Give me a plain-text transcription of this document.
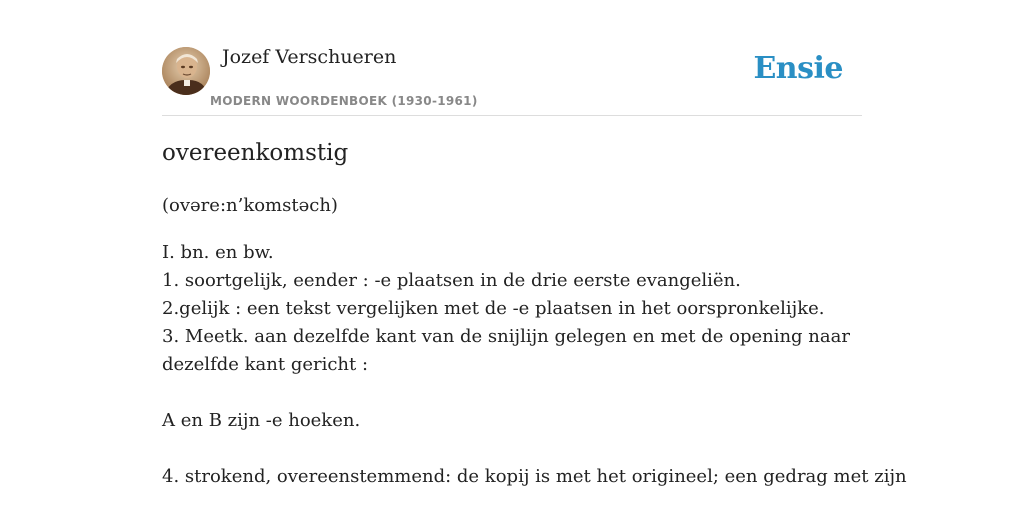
Jozef Verschueren
MODERN WOORDENBOEK (1930-1961)
Ensie
overeenkomstig

(ovəre:n’komstəch)

I. bn. en bw.
1. soortgelijk, eender : -e plaatsen in de drie eerste evangeliën.
2.gelijk : een tekst vergelijken met de -e plaatsen in het oorspronkelijke.
3. Meetk. aan dezelfde kant van de snijlijn gelegen en met de opening naar dezelfde kant gericht :
A en B zijn -e hoeken.
4. strokend, overeenstemmend: de kopij is met het origineel; een gedrag met zijn
